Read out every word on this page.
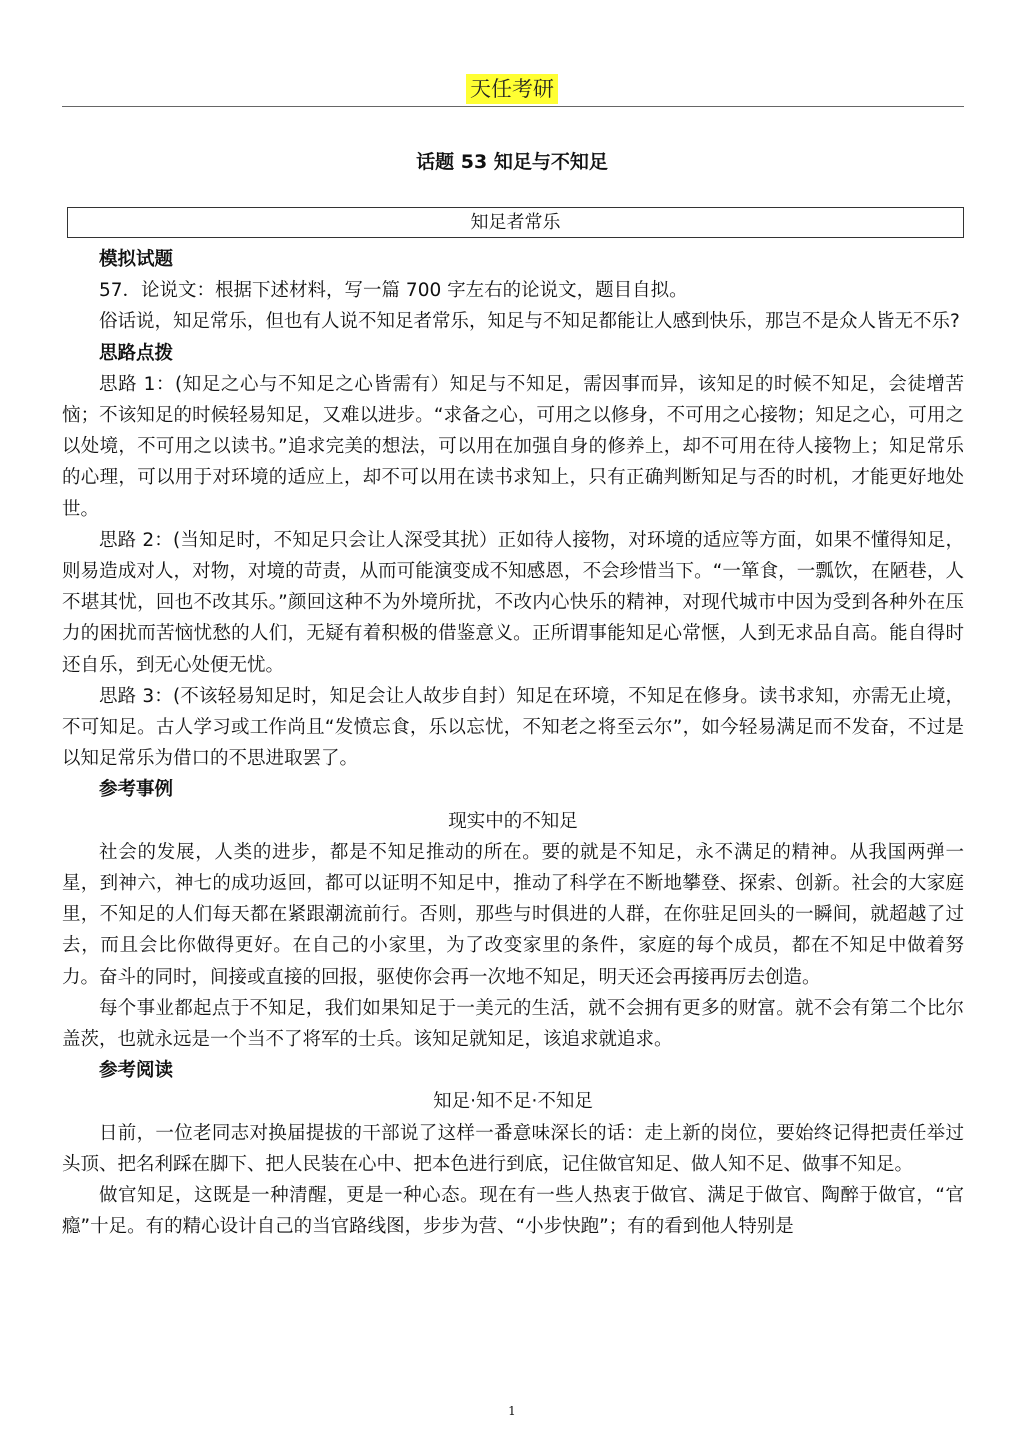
天任考研
话题 53 知足与不知足
知足者常乐

模拟试题

57．论说文：根据下述材料，写一篇 700 字左右的论说文，题目自拟。

俗话说，知足常乐，但也有人说不知足者常乐，知足与不知足都能让人感到快乐，那岂不是众人皆无不乐?

思路点拨

思路 1：(知足之心与不知足之心皆需有）知足与不知足，需因事而异，该知足的时候不知足，会徒增苦恼；不该知足的时候轻易知足，又难以进步。“求备之心，可用之以修身，不可用之心接物；知足之心，可用之以处境，不可用之以读书。”追求完美的想法，可以用在加强自身的修养上，却不可用在待人接物上；知足常乐的心理，可以用于对环境的适应上，却不可以用在读书求知上，只有正确判断知足与否的时机，才能更好地处世。

思路 2：(当知足时，不知足只会让人深受其扰）正如待人接物，对环境的适应等方面，如果不懂得知足，则易造成对人，对物，对境的苛责，从而可能演变成不知感恩，不会珍惜当下。“一箪食，一瓢饮，在陋巷，人不堪其忧，回也不改其乐。”颜回这种不为外境所扰，不改内心快乐的精神，对现代城市中因为受到各种外在压力的困扰而苦恼忧愁的人们，无疑有着积极的借鉴意义。正所谓事能知足心常惬，人到无求品自高。能自得时还自乐，到无心处便无忧。

思路 3：(不该轻易知足时，知足会让人故步自封）知足在环境，不知足在修身。读书求知，亦需无止境，不可知足。古人学习或工作尚且“发愤忘食，乐以忘忧，不知老之将至云尔”，如今轻易满足而不发奋，不过是以知足常乐为借口的不思进取罢了。

参考事例

现实中的不知足

社会的发展，人类的进步，都是不知足推动的所在。要的就是不知足，永不满足的精神。从我国两弹一星，到神六，神七的成功返回，都可以证明不知足中，推动了科学在不断地攀登、探索、创新。社会的大家庭里，不知足的人们每天都在紧跟潮流前行。否则，那些与时俱进的人群，在你驻足回头的一瞬间，就超越了过去，而且会比你做得更好。在自己的小家里，为了改变家里的条件，家庭的每个成员，都在不知足中做着努力。奋斗的同时，间接或直接的回报，驱使你会再一次地不知足，明天还会再接再厉去创造。

每个事业都起点于不知足，我们如果知足于一美元的生活，就不会拥有更多的财富。就不会有第二个比尔盖茨，也就永远是一个当不了将军的士兵。该知足就知足，该追求就追求。

参考阅读

知足·知不足·不知足

日前，一位老同志对换届提拔的干部说了这样一番意味深长的话：走上新的岗位，要始终记得把责任举过头顶、把名利踩在脚下、把人民装在心中、把本色进行到底，记住做官知足、做人知不足、做事不知足。

做官知足，这既是一种清醒，更是一种心态。现在有一些人热衷于做官、满足于做官、陶醉于做官，“官瘾”十足。有的精心设计自己的当官路线图，步步为营、“小步快跑”；有的看到他人特别是

1
